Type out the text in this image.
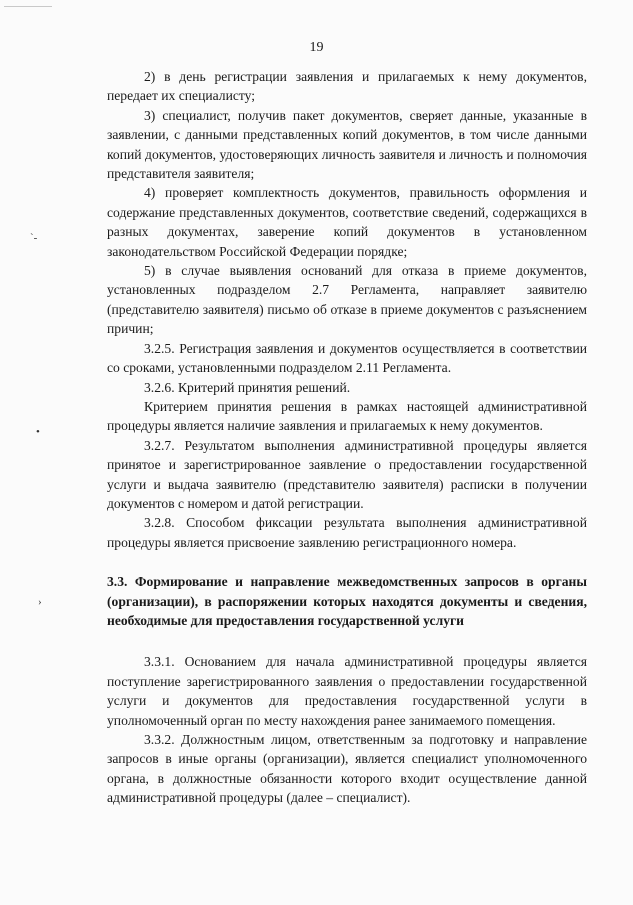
ˋ-
•
›
19

2) в день регистрации заявления и прилагаемых к нему документов, передает их специалисту;

3) специалист, получив пакет документов, сверяет данные, указанные в заявлении, с данными представленных копий документов, в том числе данными копий документов, удостоверяющих личность заявителя и личность и полномочия представителя заявителя;

4) проверяет комплектность документов, правильность оформления и содержание представленных документов, соответствие сведений, содержащихся в разных документах, заверение копий документов в установленном законодательством Российской Федерации порядке;

5) в случае выявления оснований для отказа в приеме документов, установленных подразделом 2.7 Регламента, направляет заявителю (представителю заявителя) письмо об отказе в приеме документов с разъяснением причин;

3.2.5. Регистрация заявления и документов осуществляется в соответствии со сроками, установленными подразделом 2.11 Регламента.

3.2.6. Критерий принятия решений.

Критерием принятия решения в рамках настоящей административной процедуры является наличие заявления и прилагаемых к нему документов.

3.2.7. Результатом выполнения административной процедуры является принятое и зарегистрированное заявление о предоставлении государственной услуги и выдача заявителю (представителю заявителя) расписки в получении документов с номером и датой регистрации.

3.2.8. Способом фиксации результата выполнения административной процедуры является присвоение заявлению регистрационного номера.

3.3. Формирование и направление межведомственных запросов в органы (организации), в распоряжении которых находятся документы и сведения, необходимые для предоставления государственной услуги

3.3.1. Основанием для начала административной процедуры является поступление зарегистрированного заявления о предоставлении государственной услуги и документов для предоставления государственной услуги в уполномоченный орган по месту нахождения ранее занимаемого помещения.

3.3.2. Должностным лицом, ответственным за подготовку и направление запросов в иные органы (организации), является специалист уполномоченного органа, в должностные обязанности которого входит осуществление данной административной процедуры (далее – специалист).
